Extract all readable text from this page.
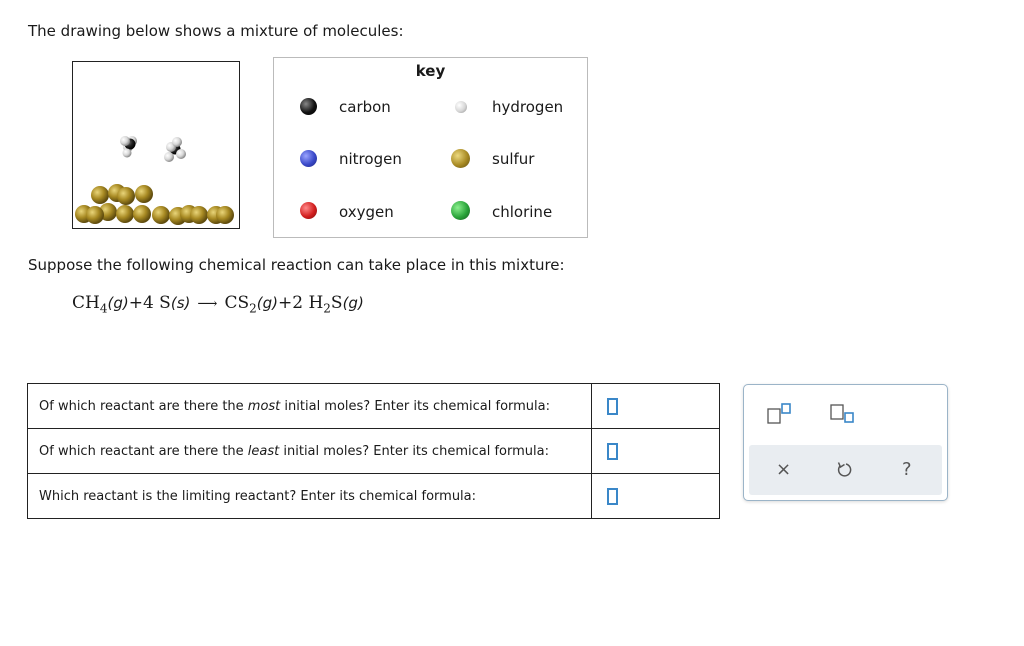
The drawing below shows a mixture of molecules:
key
carbon	hydrogen
nitrogen	sulfur
oxygen	chlorine
Suppose the following chemical reaction can take place in this mixture:
$CH_4(g)+4$ S(s) ⟶ $CS_2(g)+2$ $H_2S(g)$
Of which reactant are there the most initial moles? Enter its chemical formula:	
Of which reactant are there the least initial moles? Enter its chemical formula:	
Which reactant is the limiting reactant? Enter its chemical formula:	
×	?
